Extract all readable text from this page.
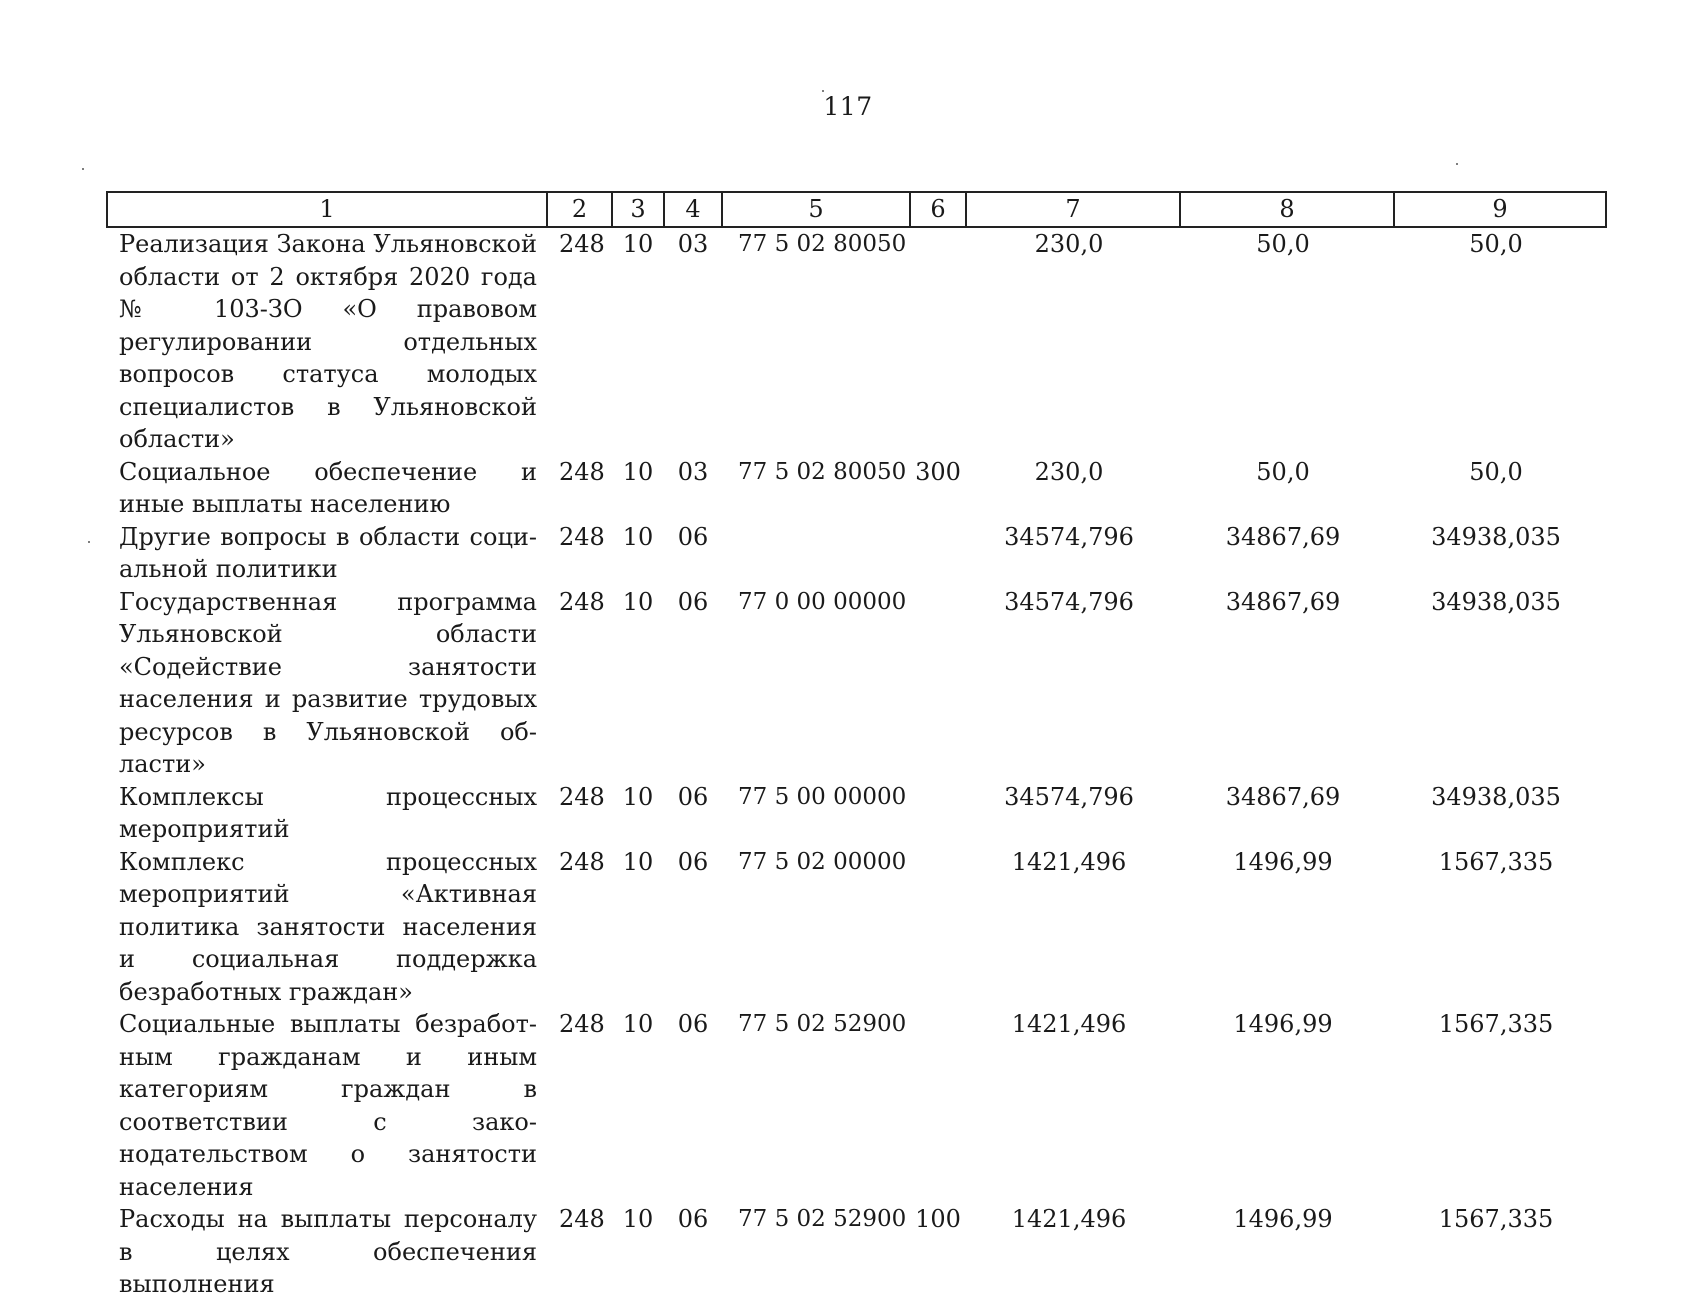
117
1	2	3	4	5	6	7	8	9
Реализация Закона Ульяновской области от 2 октября 2020 года № 103-ЗО «О правовом регулировании отдельных вопросов статуса молодых специалистов в Ульяновской области»	248	10	03	77 5 02 80050		230,0	50,0	50,0
Социальное обеспечение и иные выплаты населению	248	10	03	77 5 02 80050	300	230,0	50,0	50,0
Другие вопросы в области социальной политики	248	10	06			34574,796	34867,69	34938,035
Государственная программа Ульяновской области «Содействие занятости населения и развитие трудовых ресурсов в Ульяновской области»	248	10	06	77 0 00 00000		34574,796	34867,69	34938,035
Комплексы процессных мероприятий	248	10	06	77 5 00 00000		34574,796	34867,69	34938,035
Комплекс процессных мероприятий «Активная политика занятости населения и социальная поддержка безработных граждан»	248	10	06	77 5 02 00000		1421,496	1496,99	1567,335
Социальные выплаты безработным гражданам и иным категориям граждан в соответствии с законодательством о занятости населения	248	10	06	77 5 02 52900		1421,496	1496,99	1567,335
Расходы на выплаты персоналу в целях обеспечения выполнения	248	10	06	77 5 02 52900	100	1421,496	1496,99	1567,335
